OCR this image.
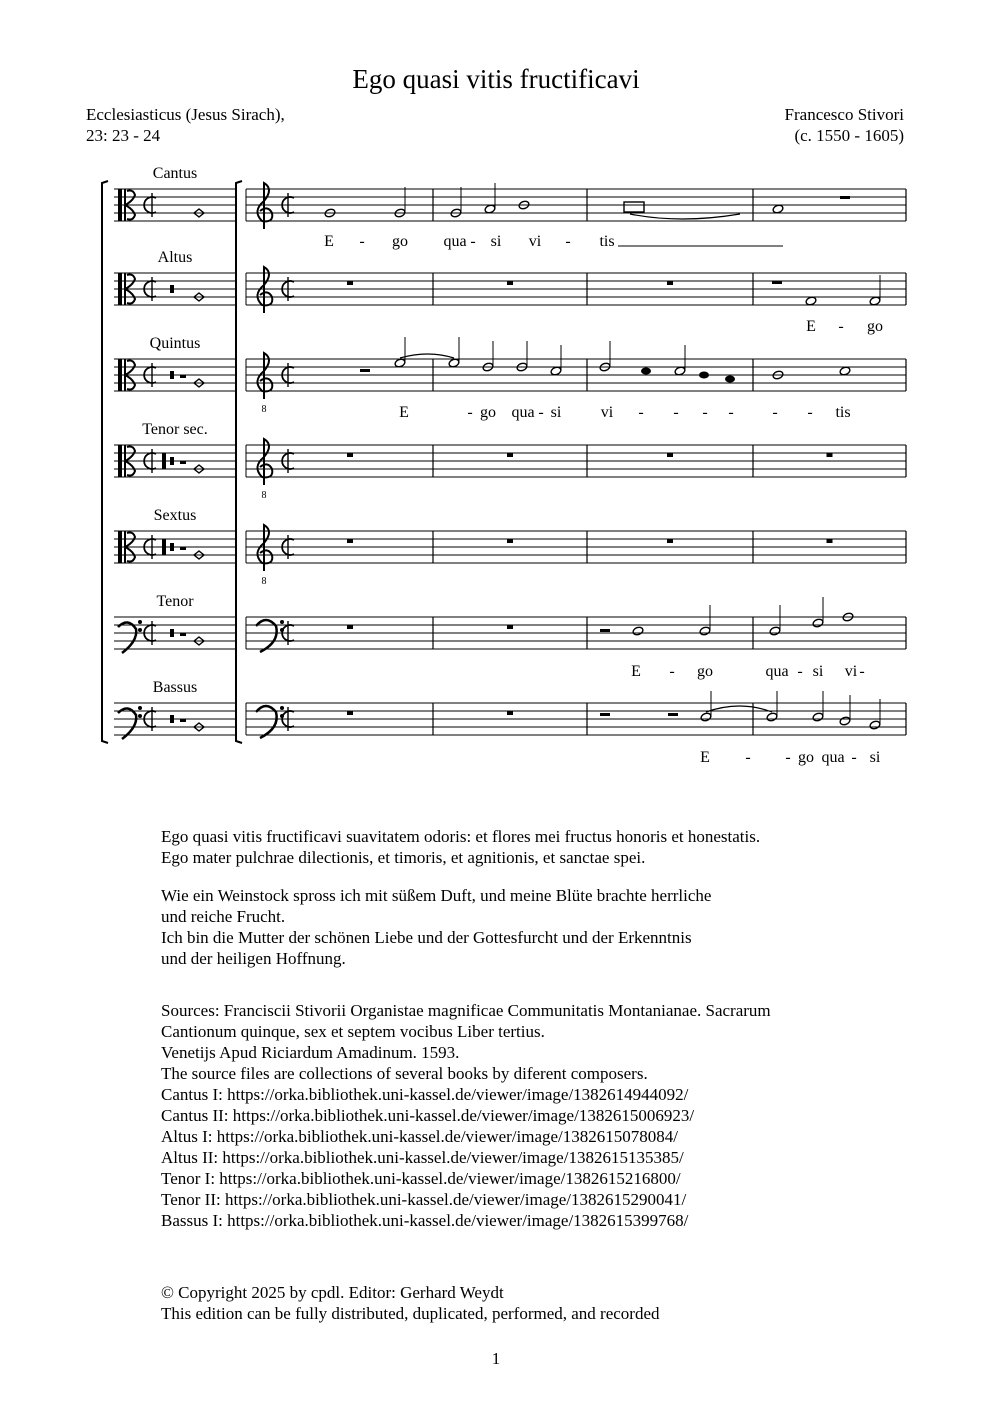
Ego quasi vitis fructificavi
Ecclesiasticus (Jesus Sirach),
23: 23 - 24
Francesco Stivori
(c. 1550 - 1605)
8
8
8
Cantus
Altus
Quintus
Tenor sec.
Sextus
Tenor
Bassus
E - go qua - si vi - tis
E - go
E	- go qua - si vi - - - - - - tis
E - go	qua - si vi -
E - - go qua - si

Ego quasi vitis fructificavi suavitatem odoris: et flores mei fructus honoris et honestatis.

Ego mater pulchrae dilectionis, et timoris, et agnitionis, et sanctae spei.

Wie ein Weinstock spross ich mit süßem Duft, und meine Blüte brachte herrliche

und reiche Frucht.

Ich bin die Mutter der schönen Liebe und der Gottesfurcht und der Erkenntnis

und der heiligen Hoffnung.

Sources: Franciscii Stivorii Organistae magnificae Communitatis Montanianae. Sacrarum

Cantionum quinque, sex et septem vocibus Liber tertius.

Venetijs Apud Riciardum Amadinum. 1593.

The source files are collections of several books by diferent composers.

Cantus I: https://orka.bibliothek.uni-kassel.de/viewer/image/1382614944092/

Cantus II: https://orka.bibliothek.uni-kassel.de/viewer/image/1382615006923/

Altus I: https://orka.bibliothek.uni-kassel.de/viewer/image/1382615078084/

Altus II: https://orka.bibliothek.uni-kassel.de/viewer/image/1382615135385/

Tenor I: https://orka.bibliothek.uni-kassel.de/viewer/image/1382615216800/

Tenor II: https://orka.bibliothek.uni-kassel.de/viewer/image/1382615290041/

Bassus I: https://orka.bibliothek.uni-kassel.de/viewer/image/1382615399768/

© Copyright 2025 by cpdl. Editor: Gerhard Weydt

This edition can be fully distributed, duplicated, performed, and recorded

1
